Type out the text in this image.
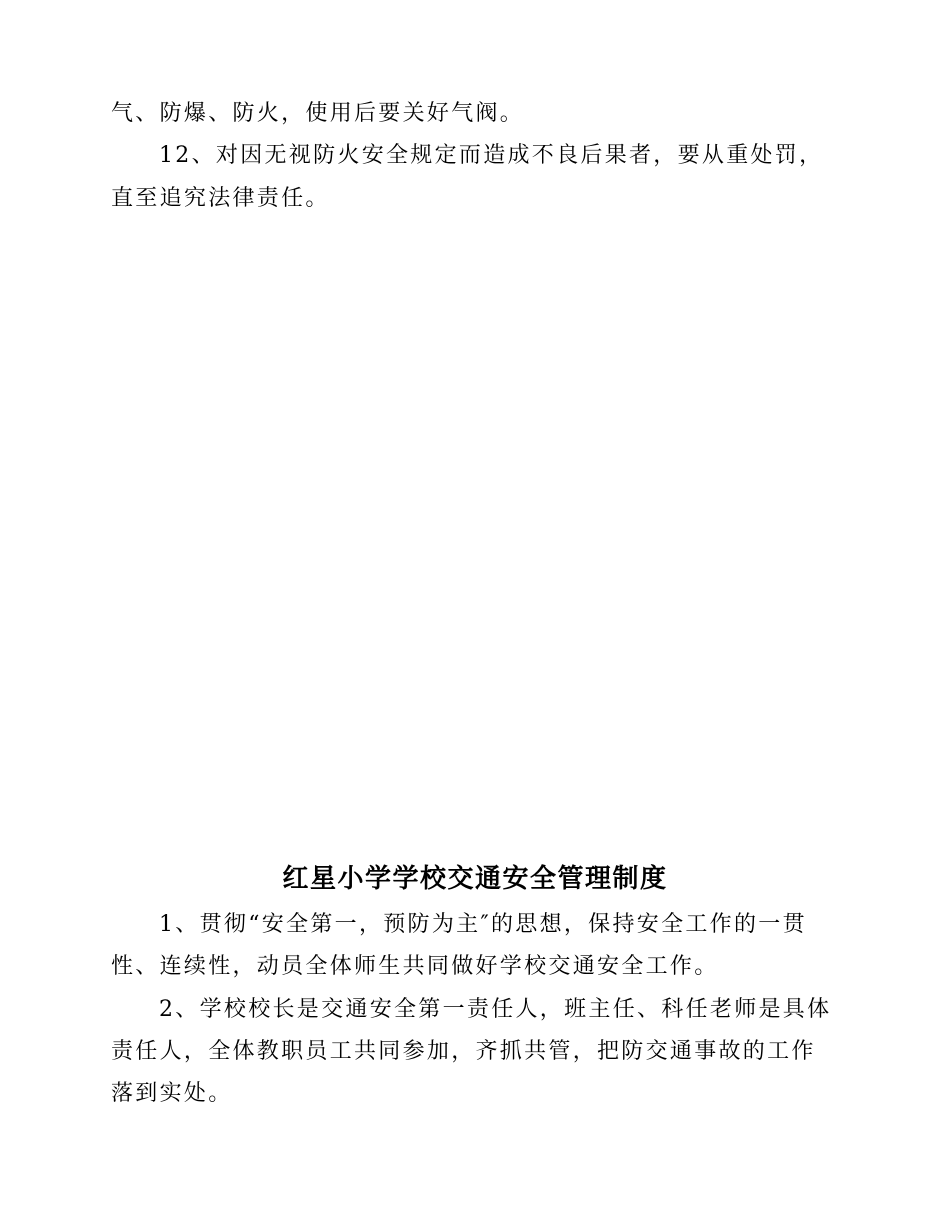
气、防爆、防火，使用后要关好气阀。
12、对因无视防火安全规定而造成不良后果者，要从重处罚，
直至追究法律责任。
红星小学学校交通安全管理制度
1、贯彻“安全第一，预防为主″的思想，保持安全工作的一贯
性、连续性，动员全体师生共同做好学校交通安全工作。
2、学校校长是交通安全第一责任人，班主任、科任老师是具体
责任人，全体教职员工共同参加，齐抓共管，把防交通事故的工作
落到实处。
